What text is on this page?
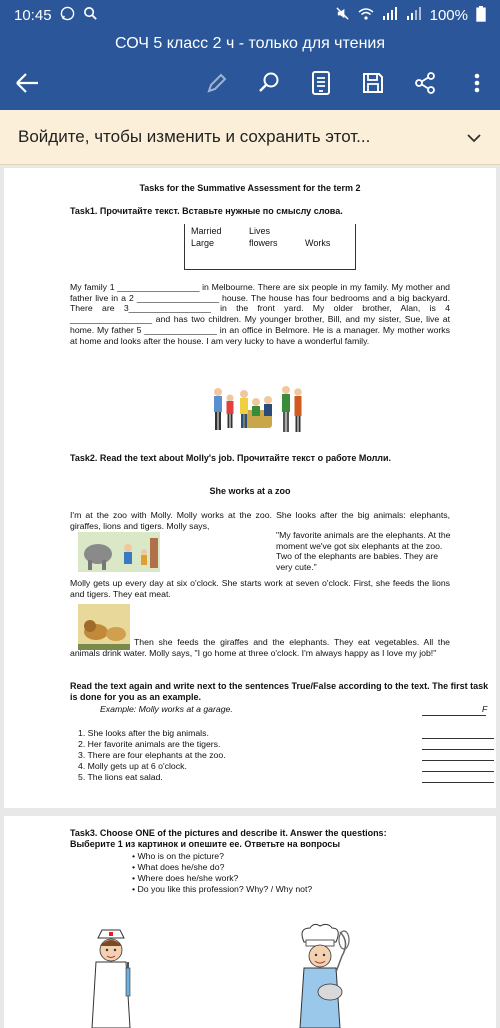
10:45	100%
СОЧ 5 класс 2 ч - только для чтения
Войдите, чтобы изменить и сохранить этот...
Tasks for the Summative Assessment for the term 2
Task1. Прочитайте текст. Вставьте нужные по смыслу слова.
Married	Lives
Large	flowers	Works
My family 1 _________________ in Melbourne. There are six people in my family. My mother and father live in a 2 _________________ house. The house has four bedrooms and a big backyard. There are 3_________________ in the front yard. My older brother, Alan, is 4 _________________ and has two children. My younger brother, Bill, and my sister, Sue, live at home. My father 5 _______________ in an office in Belmore. He is a manager. My mother works at home and looks after the house. I am very lucky to have a wonderful family.
Task2. Read the text about Molly's job. Прочитайте текст о работе Молли.
She works at a zoo
I'm at the zoo with Molly. Molly works at the zoo. She looks after the big animals: elephants, giraffes, lions and tigers. Molly says,
"My favorite animals are the elephants. At the moment we've got six elephants at the zoo. Two of the elephants are babies. They are very cute."
Molly gets up every day at six o'clock. She starts work at seven o'clock. First, she feeds the lions and tigers. They eat meat.
Then she feeds the giraffes and the elephants. They eat vegetables. All the animals drink water. Molly says, "I go home at three o'clock. I'm always happy as I love my job!"
Read the text again and write next to the sentences True/False according to the text. The first task is done for you as an example.
Example: Molly works at a garage.	F
1. She looks after the big animals.
2. Her favorite animals are the tigers.
3. There are four elephants at the zoo.
4. Molly gets up at 6 o'clock.
5. The lions eat salad.
Task3. Choose ONE of the pictures and describe it. Answer the questions:
Выберите 1 из картинок и опешите ее. Ответьте на вопросы
• Who is on the picture?
• What does he/she do?
• Where does he/she work?
• Do you like this profession? Why? / Why not?
